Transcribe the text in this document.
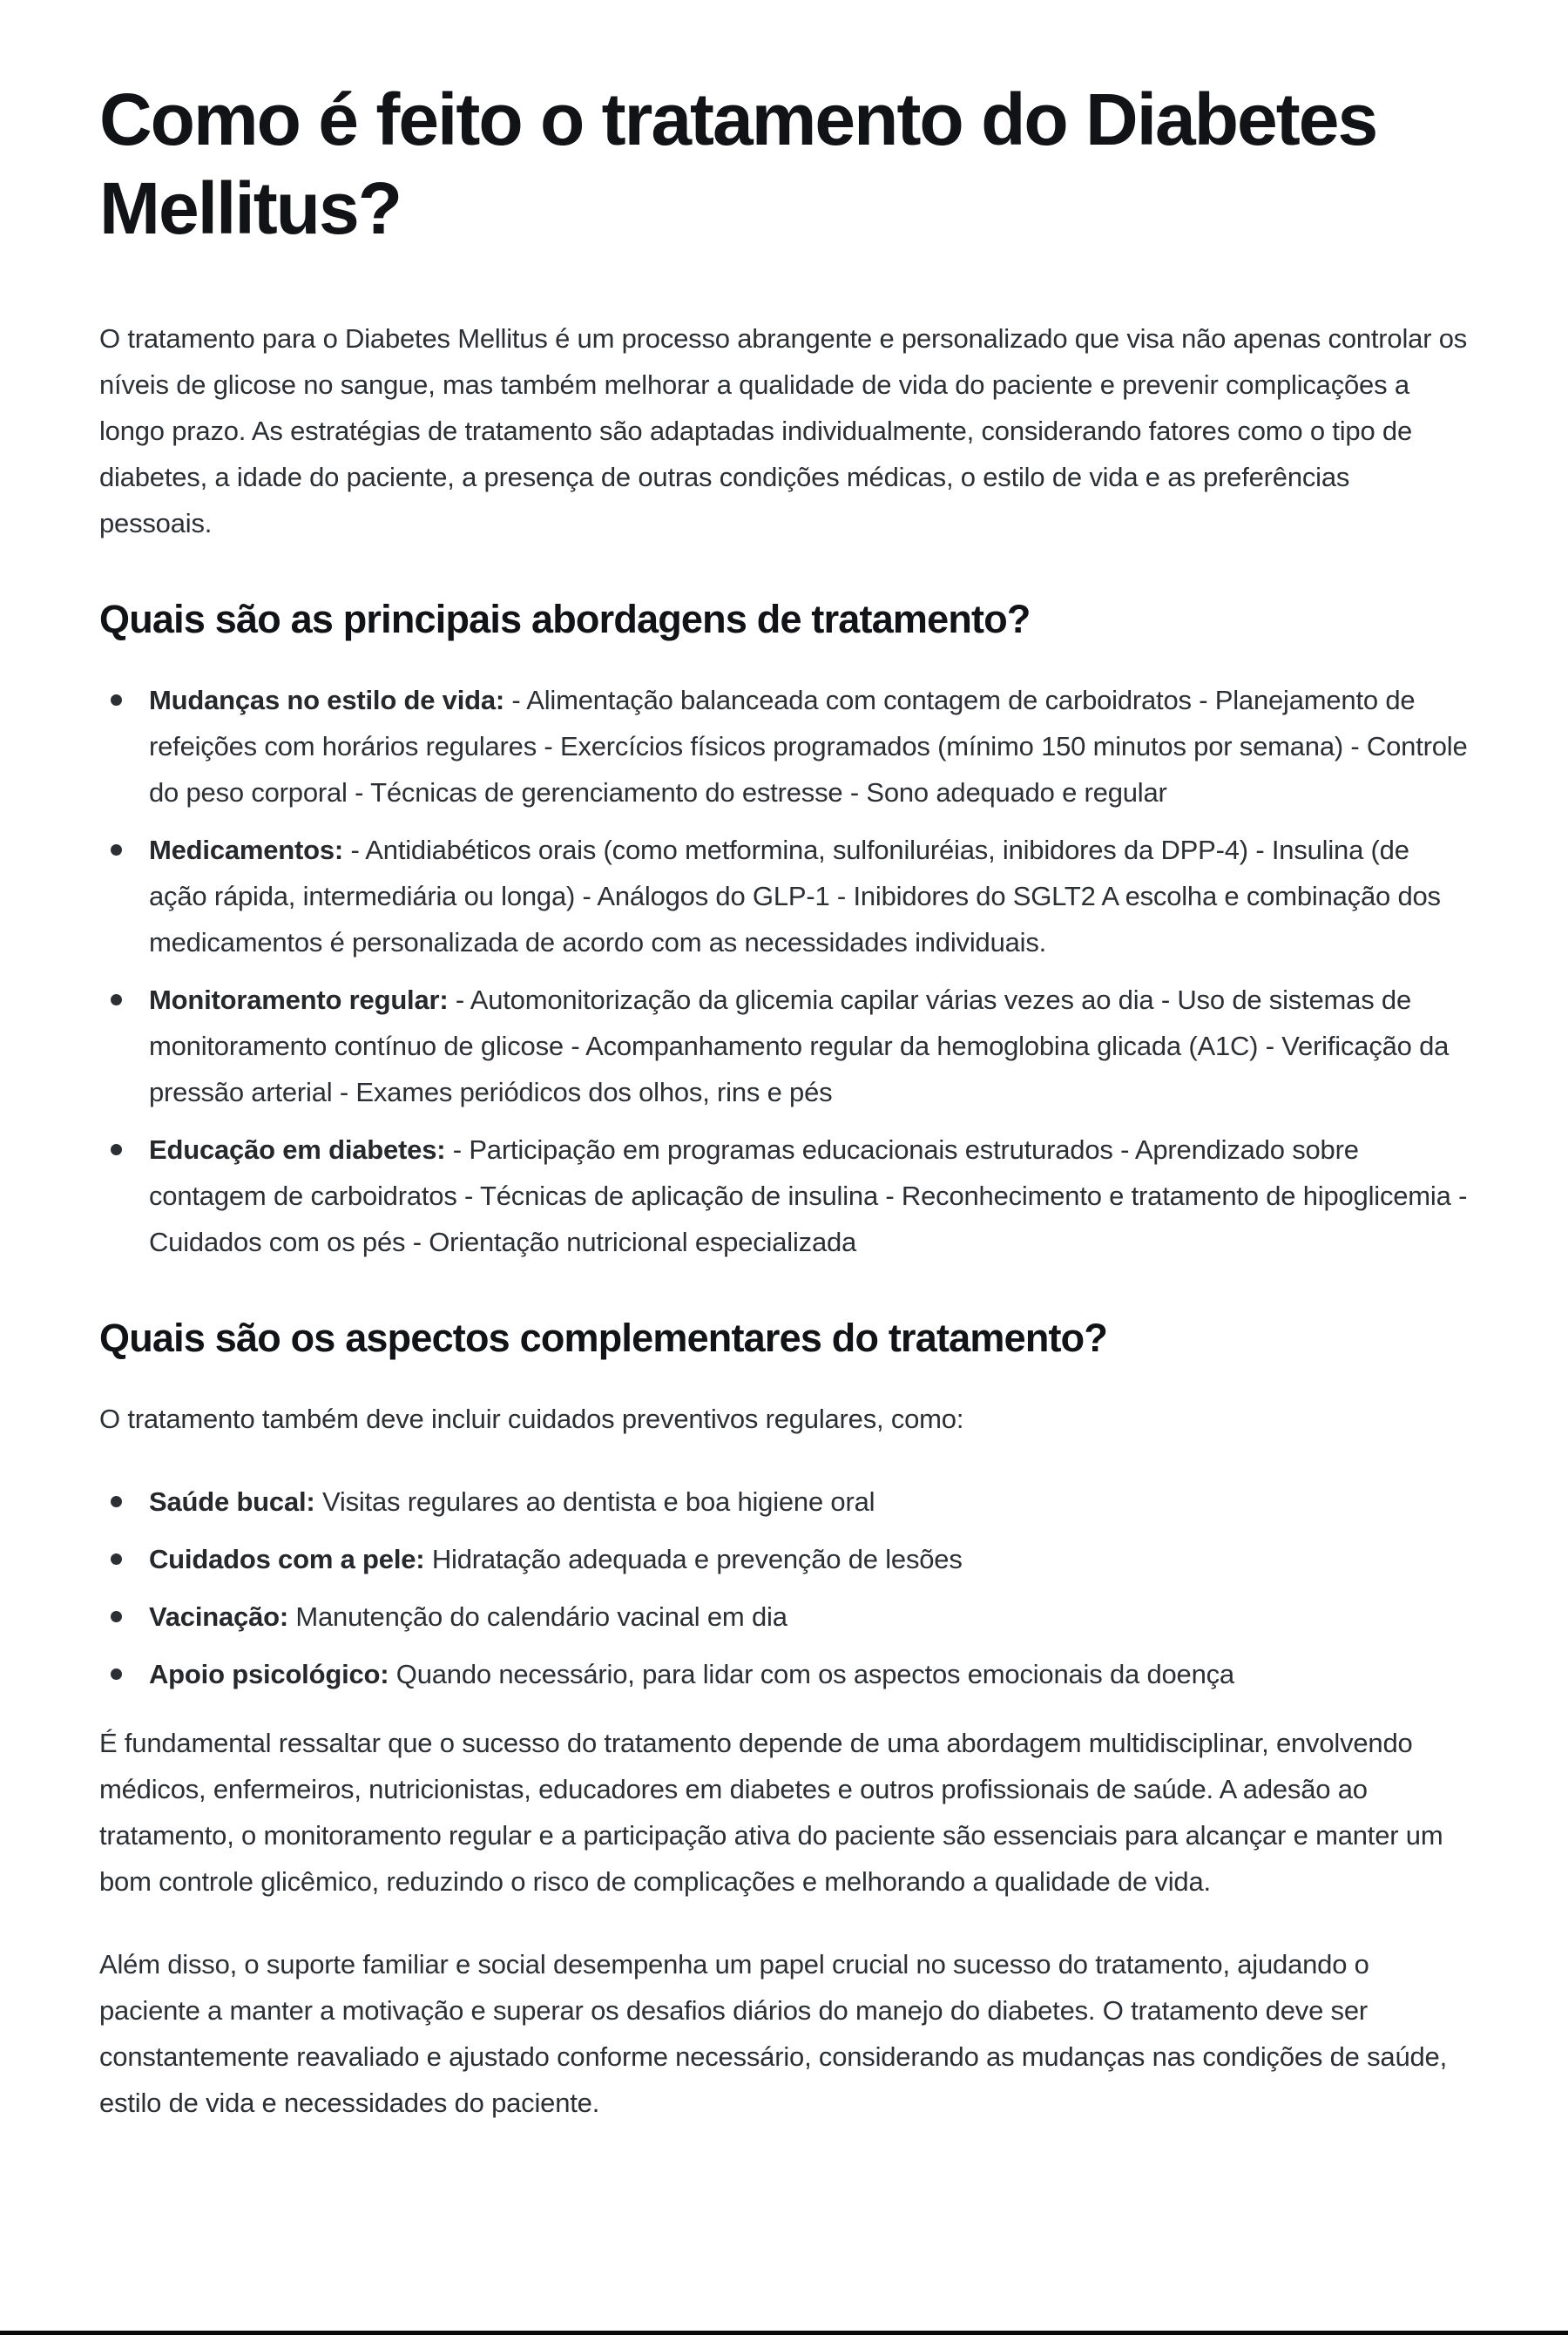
Como é feito o tratamento do Diabetes
Mellitus?

O tratamento para o Diabetes Mellitus é um processo abrangente e personalizado que visa não apenas controlar os níveis de glicose no sangue, mas também melhorar a qualidade de vida do paciente e prevenir complicações a longo prazo. As estratégias de tratamento são adaptadas individualmente, considerando fatores como o tipo de diabetes, a idade do paciente, a presença de outras condições médicas, o estilo de vida e as preferências pessoais.

Quais são as principais abordagens de tratamento?
Mudanças no estilo de vida: - Alimentação balanceada com contagem de carboidratos - Planejamento de refeições com horários regulares - Exercícios físicos programados (mínimo 150 minutos por semana) - Controle do peso corporal - Técnicas de gerenciamento do estresse - Sono adequado e regular
Medicamentos: - Antidiabéticos orais (como metformina, sulfoniluréias, inibidores da DPP-4) - Insulina (de ação rápida, intermediária ou longa) - Análogos do GLP-1 - Inibidores do SGLT2 A escolha e combinação dos medicamentos é personalizada de acordo com as necessidades individuais.
Monitoramento regular: - Automonitorização da glicemia capilar várias vezes ao dia - Uso de sistemas de monitoramento contínuo de glicose - Acompanhamento regular da hemoglobina glicada (A1C) - Verificação da pressão arterial - Exames periódicos dos olhos, rins e pés
Educação em diabetes: - Participação em programas educacionais estruturados - Aprendizado sobre contagem de carboidratos - Técnicas de aplicação de insulina - Reconhecimento e tratamento de hipoglicemia - Cuidados com os pés - Orientação nutricional especializada
Quais são os aspectos complementares do tratamento?

O tratamento também deve incluir cuidados preventivos regulares, como:

Saúde bucal: Visitas regulares ao dentista e boa higiene oral
Cuidados com a pele: Hidratação adequada e prevenção de lesões
Vacinação: Manutenção do calendário vacinal em dia
Apoio psicológico: Quando necessário, para lidar com os aspectos emocionais da doença

É fundamental ressaltar que o sucesso do tratamento depende de uma abordagem multidisciplinar, envolvendo médicos, enfermeiros, nutricionistas, educadores em diabetes e outros profissionais de saúde. A adesão ao tratamento, o monitoramento regular e a participação ativa do paciente são essenciais para alcançar e manter um bom controle glicêmico, reduzindo o risco de complicações e melhorando a qualidade de vida.

Além disso, o suporte familiar e social desempenha um papel crucial no sucesso do tratamento, ajudando o paciente a manter a motivação e superar os desafios diários do manejo do diabetes. O tratamento deve ser constantemente reavaliado e ajustado conforme necessário, considerando as mudanças nas condições de saúde, estilo de vida e necessidades do paciente.
